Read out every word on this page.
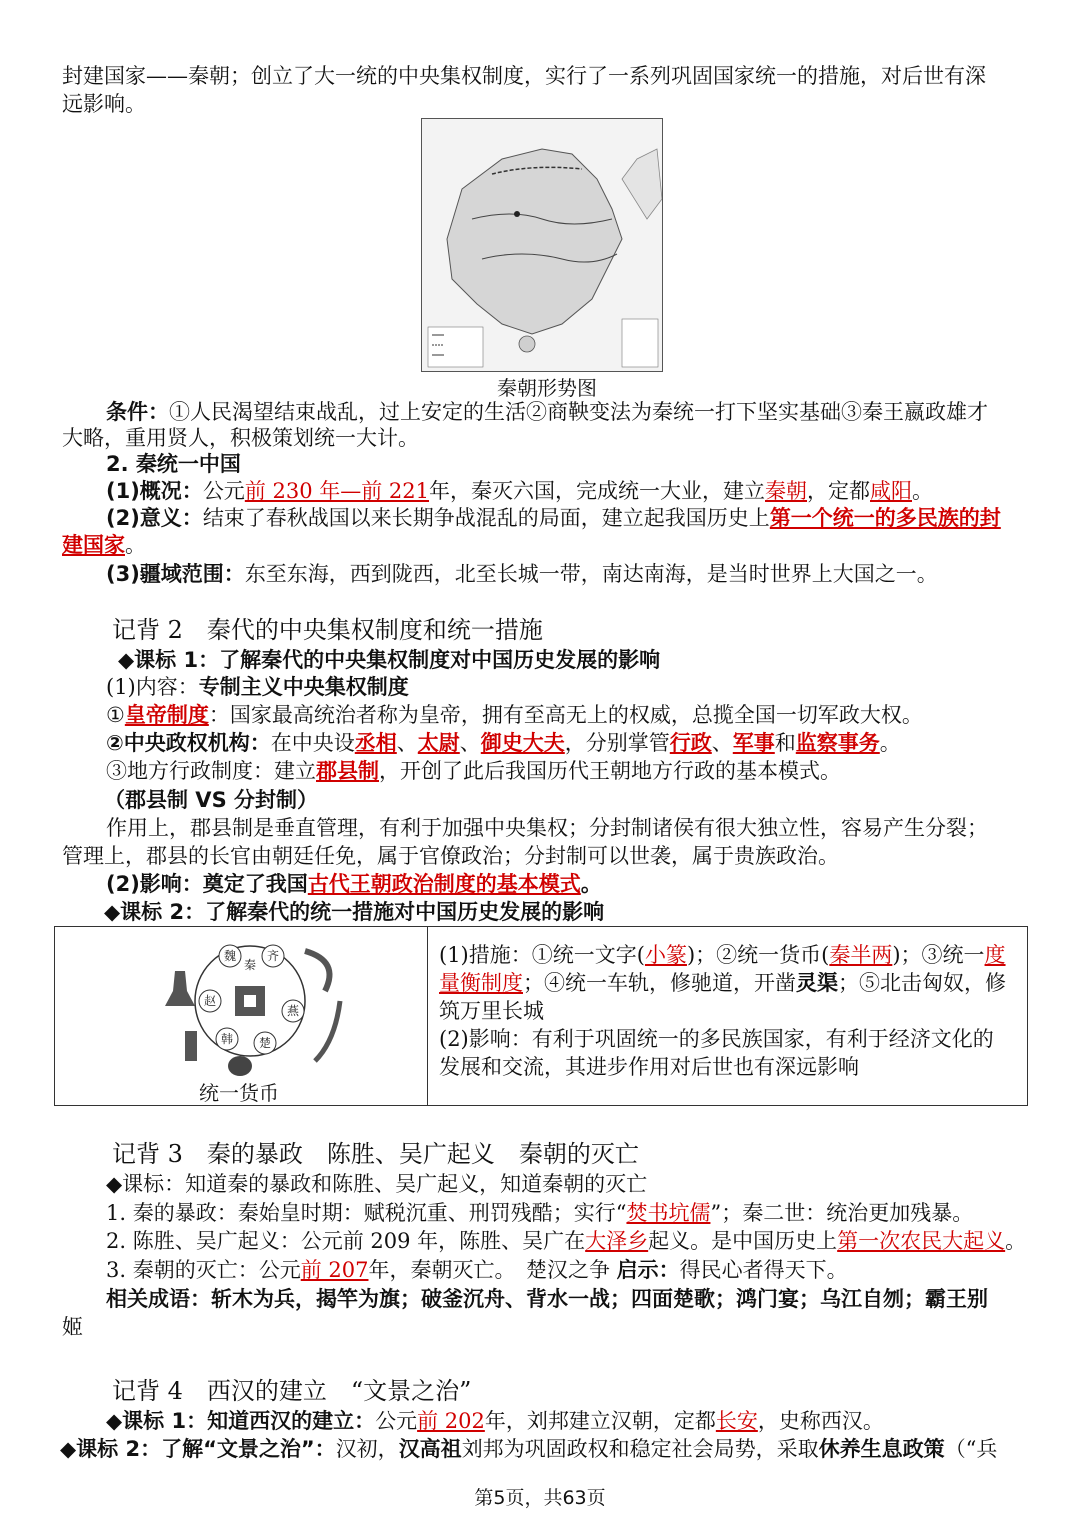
封建国家——秦朝；创立了大一统的中央集权制度，实行了一系列巩固国家统一的措施，对后世有深
远影响。
秦朝形势图
条件：①人民渴望结束战乱，过上安定的生活②商鞅变法为秦统一打下坚实基础③秦王嬴政雄才
大略，重用贤人，积极策划统一大计。
2. 秦统一中国
(1)概况：公元前 230 年—前 221年，秦灭六国，完成统一大业，建立秦朝，定都咸阳。
(2)意义：结束了春秋战国以来长期争战混乱的局面，建立起我国历史上第一个统一的多民族的封
建国家。
(3)疆域范围：东至东海，西到陇西，北至长城一带，南达南海，是当时世界上大国之一。
记背 2　秦代的中央集权制度和统一措施
◆课标 1：了解秦代的中央集权制度对中国历史发展的影响
(1)内容：专制主义中央集权制度
①皇帝制度：国家最高统治者称为皇帝，拥有至高无上的权威，总揽全国一切军政大权。
②中央政权机构：在中央设丞相、太尉、御史大夫，分别掌管行政、军事和监察事务。
③地方行政制度：建立郡县制，开创了此后我国历代王朝地方行政的基本模式。
（郡县制 VS 分封制）
作用上，郡县制是垂直管理，有利于加强中央集权；分封制诸侯有很大独立性，容易产生分裂；
管理上，郡县的长官由朝廷任免，属于官僚政治；分封制可以世袭，属于贵族政治。
(2)影响：奠定了我国古代王朝政治制度的基本模式。
◆课标 2：了解秦代的统一措施对中国历史发展的影响
魏
秦
齐
赵
燕
韩 楚
统一货币
(1)措施：①统一文字(小篆)；②统一货币(秦半两)；③统一度
量衡制度；④统一车轨，修驰道，开凿灵渠；⑤北击匈奴，修
筑万里长城
(2)影响：有利于巩固统一的多民族国家，有利于经济文化的
发展和交流，其进步作用对后世也有深远影响
记背 3　秦的暴政　陈胜、吴广起义　秦朝的灭亡
◆课标：知道秦的暴政和陈胜、吴广起义，知道秦朝的灭亡
1. 秦的暴政：秦始皇时期：赋税沉重、刑罚残酷；实行“焚书坑儒”；秦二世：统治更加残暴。
2. 陈胜、吴广起义：公元前 209 年，陈胜、吴广在大泽乡起义。是中国历史上第一次农民大起义。
3. 秦朝的灭亡：公元前 207年，秦朝灭亡。　楚汉之争 启示：得民心者得天下。
相关成语：斩木为兵，揭竿为旗；破釜沉舟、背水一战；四面楚歌；鸿门宴；乌江自刎；霸王别
姬
记背 4　西汉的建立　“文景之治”
◆课标 1：知道西汉的建立：公元前 202年，刘邦建立汉朝，定都长安，史称西汉。
◆课标 2：了解“文景之治”：汉初，汉高祖刘邦为巩固政权和稳定社会局势，采取休养生息政策（“兵
第5页，共63页
